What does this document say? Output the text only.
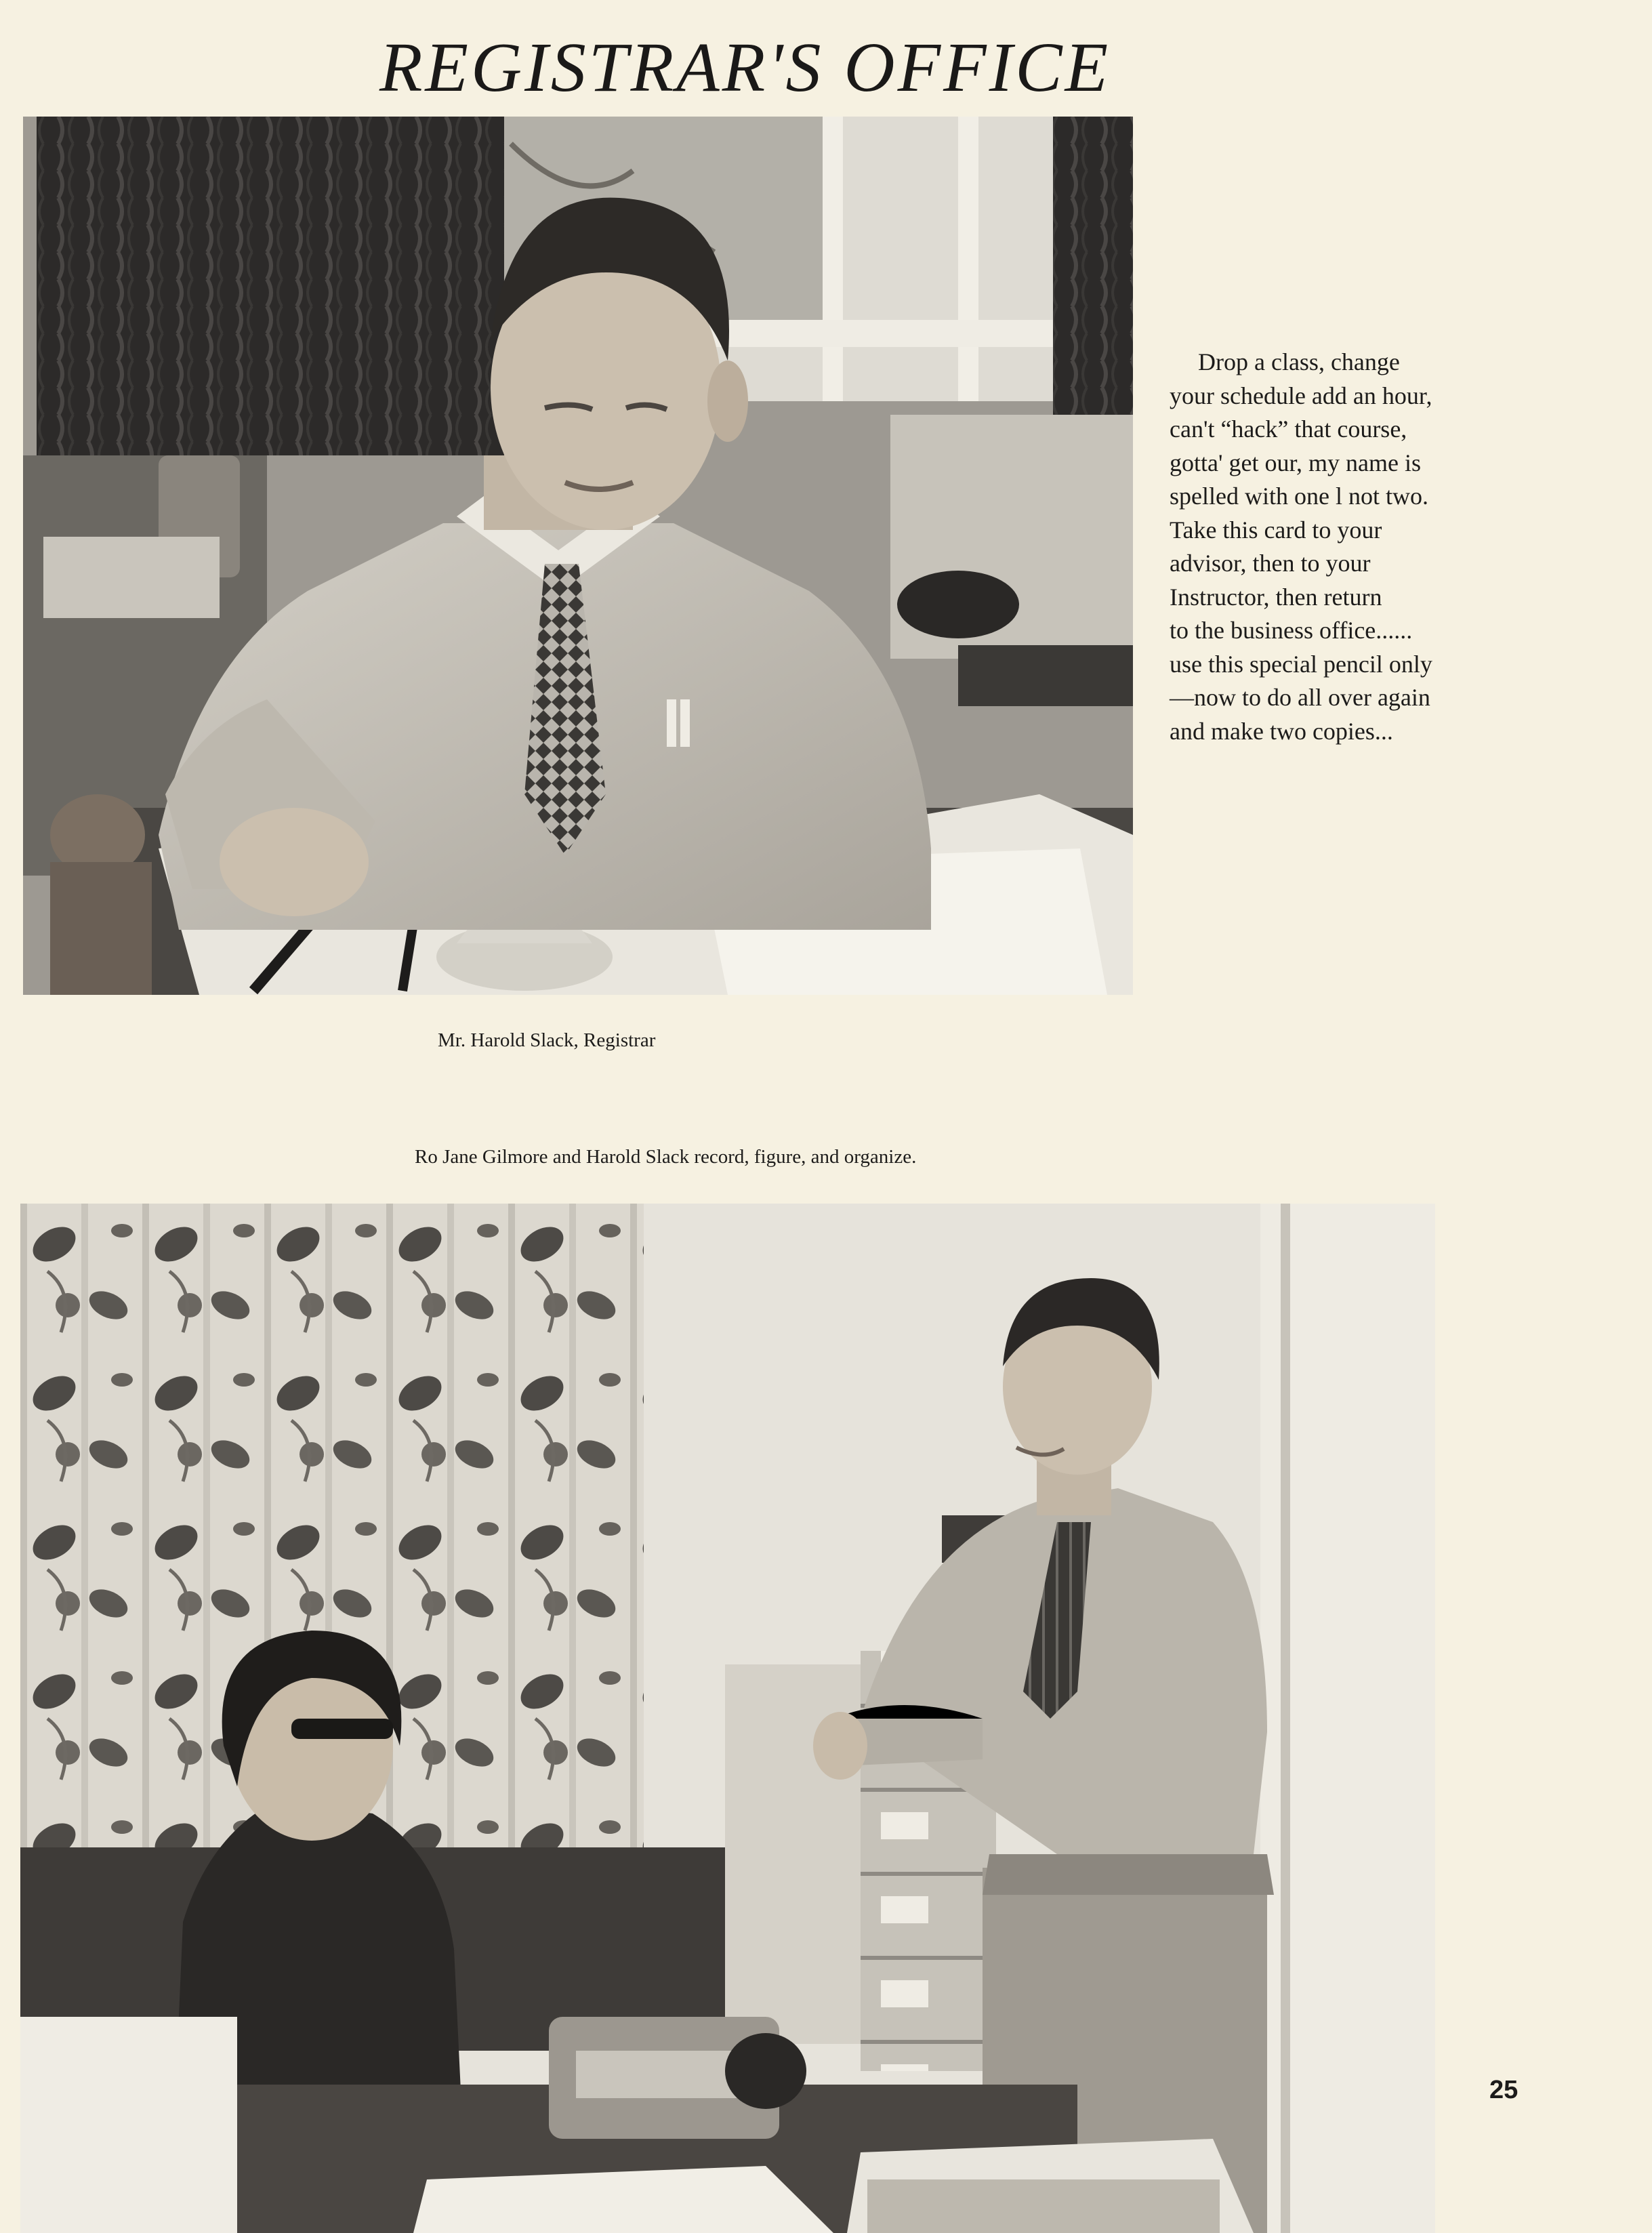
REGISTRAR'S OFFICE
Drop a class, change
your schedule add an hour,
can't “hack” that course,
gotta' get our, my name is
spelled with one l not two.
Take this card to your
advisor, then to your
Instructor, then return
to the business office......
use this special pencil only
—now to do all over again
and make two copies...
Mr. Harold Slack, Registrar
Ro Jane Gilmore and Harold Slack record, figure, and organize.
25
